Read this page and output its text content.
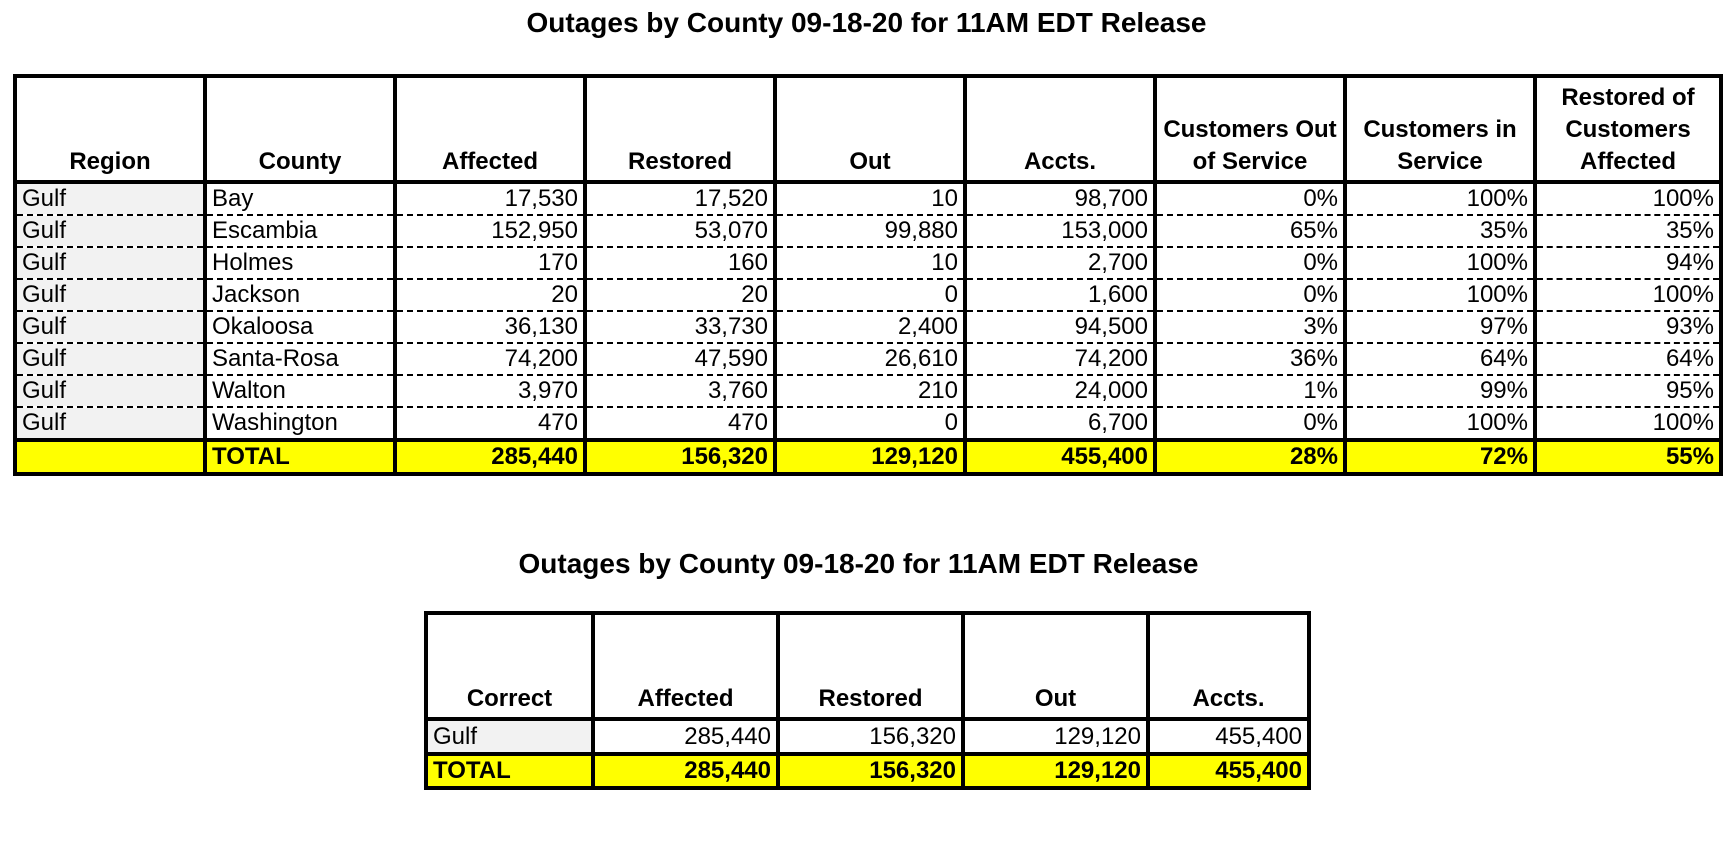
Outages by County 09-18-20 for 11AM EDT Release
Region	County	Affected	Restored	Out	Accts.	Customers Out of Service	Customers in Service	Restored of Customers Affected
Gulf	Bay	17,530	17,520	10	98,700	0%	100%	100%
Gulf	Escambia	152,950	53,070	99,880	153,000	65%	35%	35%
Gulf	Holmes	170	160	10	2,700	0%	100%	94%
Gulf	Jackson	20	20	0	1,600	0%	100%	100%
Gulf	Okaloosa	36,130	33,730	2,400	94,500	3%	97%	93%
Gulf	Santa-Rosa	74,200	47,590	26,610	74,200	36%	64%	64%
Gulf	Walton	3,970	3,760	210	24,000	1%	99%	95%
Gulf	Washington	470	470	0	6,700	0%	100%	100%
	TOTAL	285,440	156,320	129,120	455,400	28%	72%	55%
Outages by County 09-18-20 for 11AM EDT Release
Correct	Affected	Restored	Out	Accts.
Gulf	285,440	156,320	129,120	455,400
TOTAL	285,440	156,320	129,120	455,400
